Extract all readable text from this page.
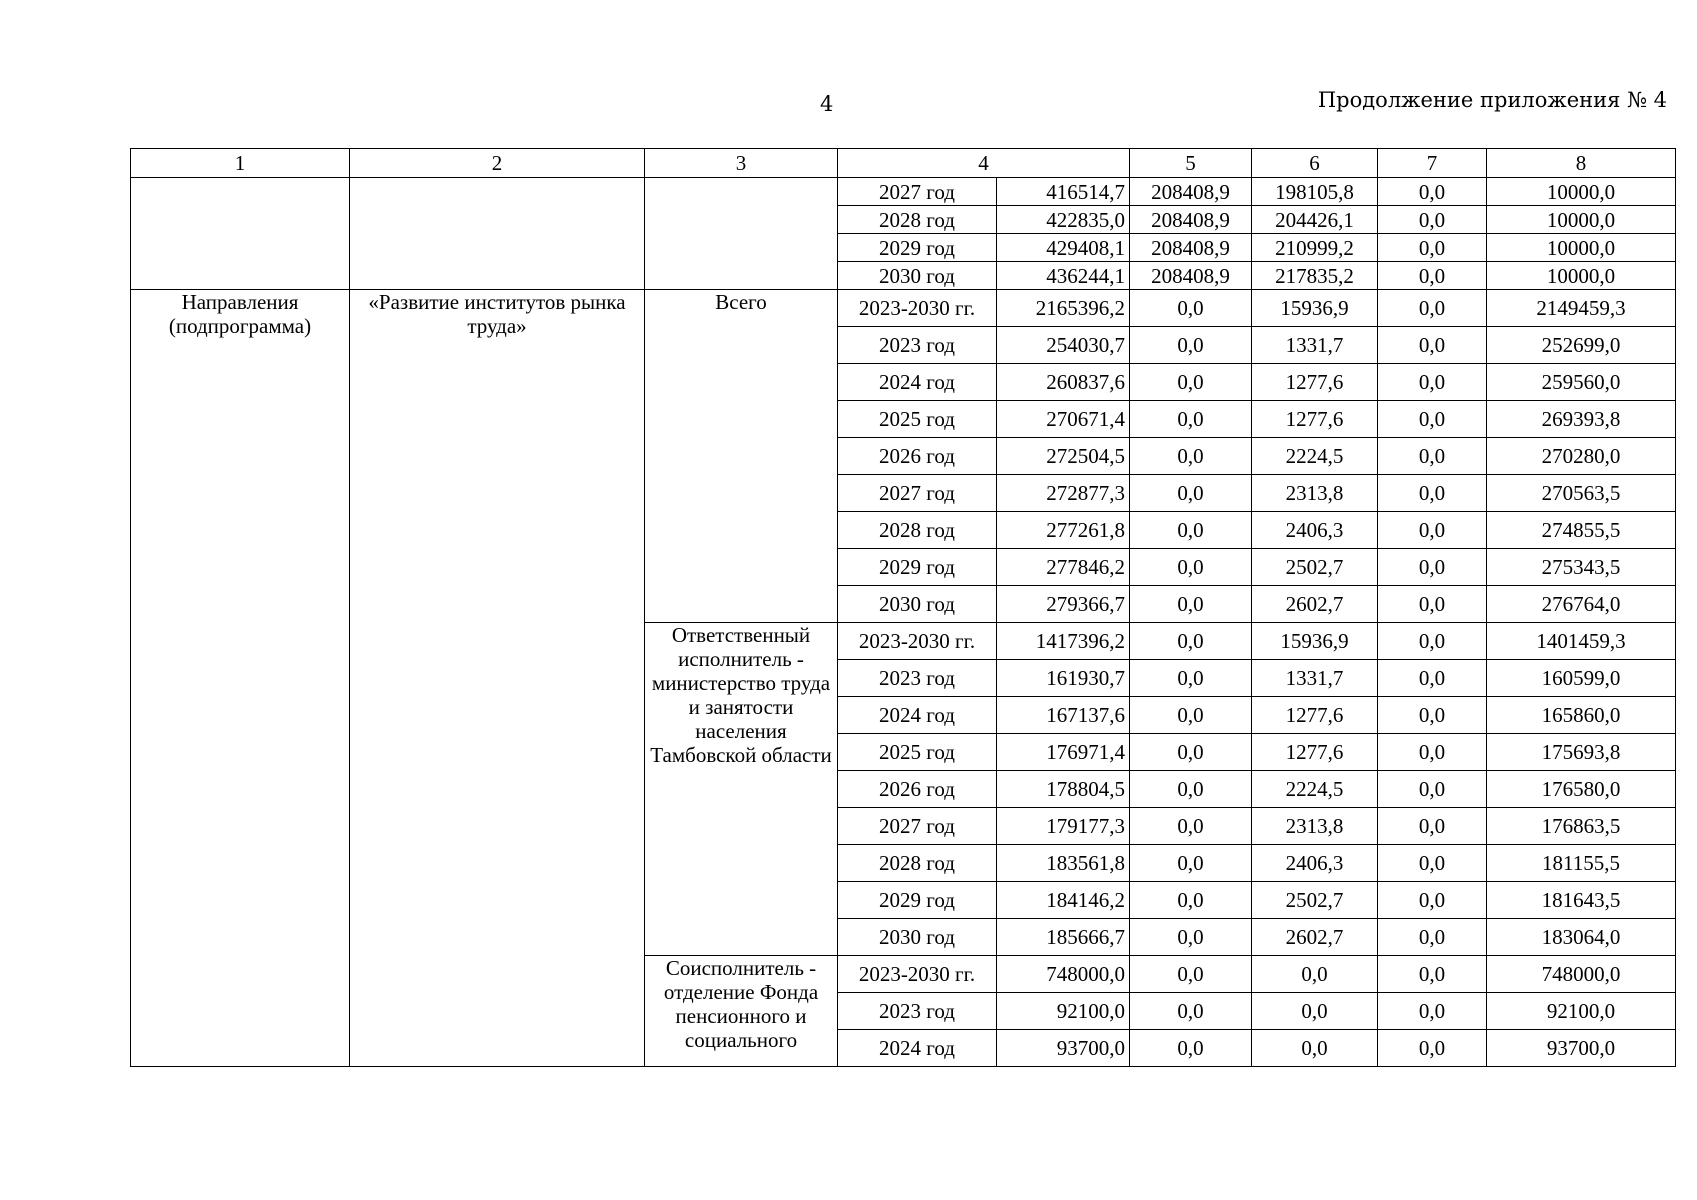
4	Продолжение приложения № 4
1	2	3	4		5	6	7	8
			2027 год	416514,7	208408,9	198105,8	0,0	10000,0
			2028 год	422835,0	208408,9	204426,1	0,0	10000,0
			2029 год	429408,1	208408,9	210999,2	0,0	10000,0
			2030 год	436244,1	208408,9	217835,2	0,0	10000,0
Направления (подпрограмма)	«Развитие институтов рынка труда»	Всего	2023-2030 гг.	2165396,2	0,0	15936,9	0,0	2149459,3
			2023 год	254030,7	0,0	1331,7	0,0	252699,0
			2024 год	260837,6	0,0	1277,6	0,0	259560,0
			2025 год	270671,4	0,0	1277,6	0,0	269393,8
			2026 год	272504,5	0,0	2224,5	0,0	270280,0
			2027 год	272877,3	0,0	2313,8	0,0	270563,5
			2028 год	277261,8	0,0	2406,3	0,0	274855,5
			2029 год	277846,2	0,0	2502,7	0,0	275343,5
			2030 год	279366,7	0,0	2602,7	0,0	276764,0
		Ответственный исполнитель - министерство труда и занятости населения Тамбовской области	2023-2030 гг.	1417396,2	0,0	15936,9	0,0	1401459,3
			2023 год	161930,7	0,0	1331,7	0,0	160599,0
			2024 год	167137,6	0,0	1277,6	0,0	165860,0
			2025 год	176971,4	0,0	1277,6	0,0	175693,8
			2026 год	178804,5	0,0	2224,5	0,0	176580,0
			2027 год	179177,3	0,0	2313,8	0,0	176863,5
			2028 год	183561,8	0,0	2406,3	0,0	181155,5
			2029 год	184146,2	0,0	2502,7	0,0	181643,5
			2030 год	185666,7	0,0	2602,7	0,0	183064,0
		Соисполнитель - отделение Фонда пенсионного и социального	2023-2030 гг.	748000,0	0,0	0,0	0,0	748000,0
			2023 год	92100,0	0,0	0,0	0,0	92100,0
			2024 год	93700,0	0,0	0,0	0,0	93700,0
